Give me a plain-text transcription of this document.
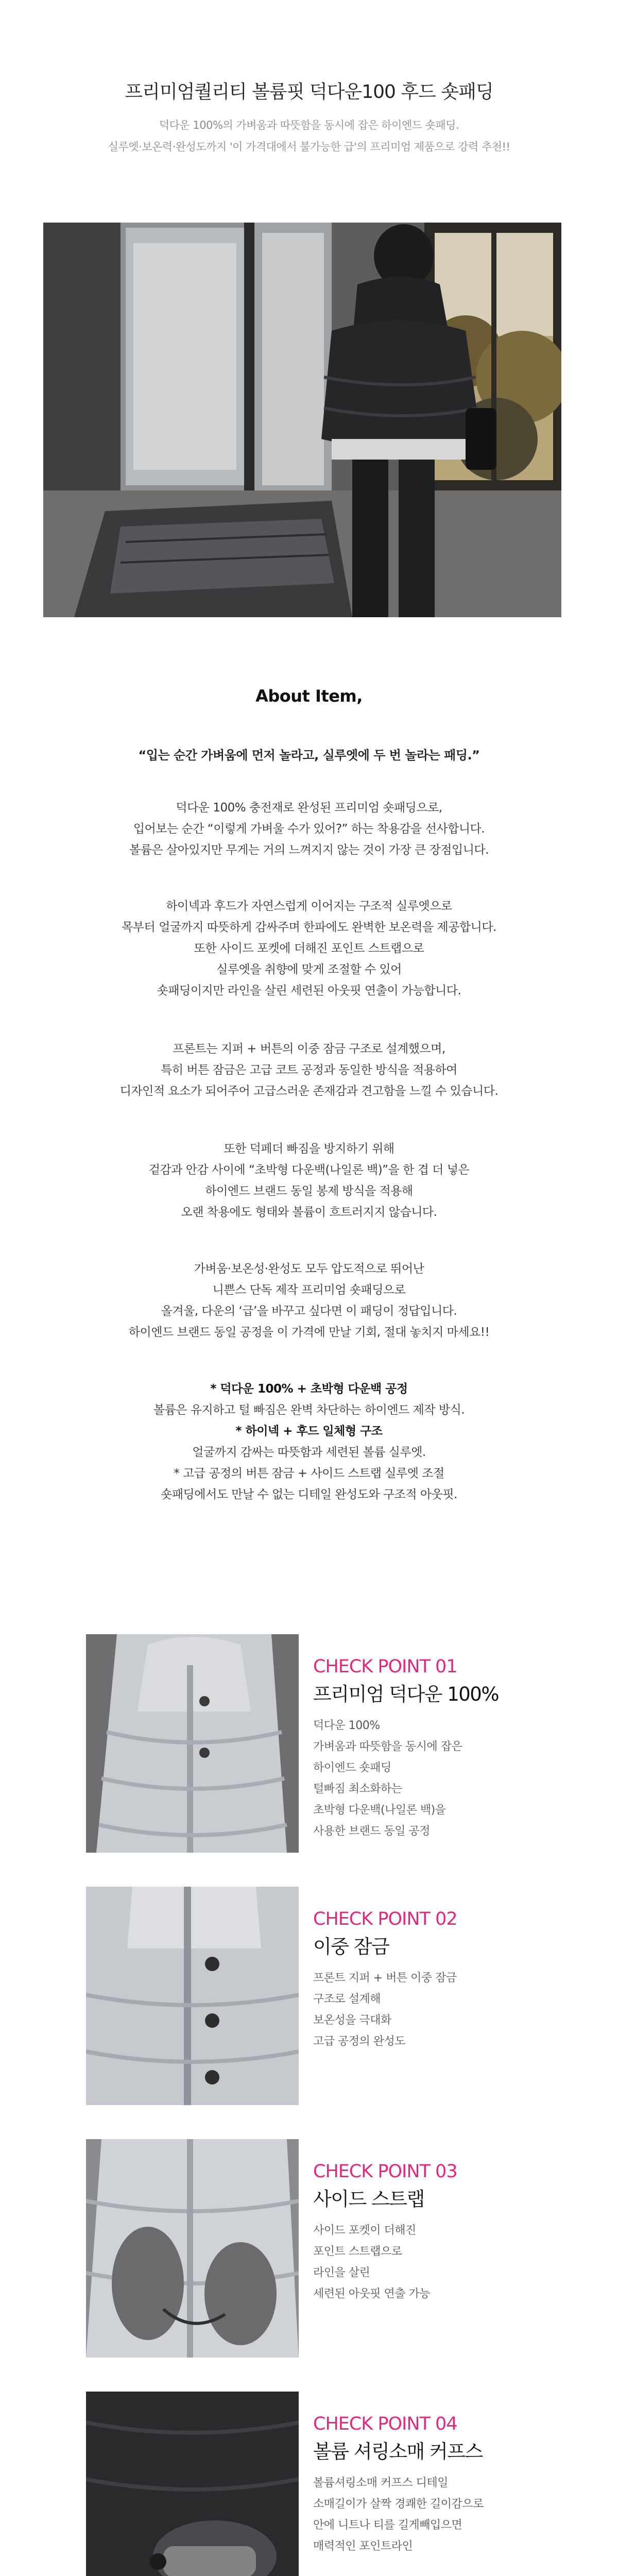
프리미엄퀄리티 볼륨핏 덕다운100 후드 숏패딩
덕다운 100%의 가벼움과 따뜻함을 동시에 잡은 하이엔드 숏패딩.
실루엣·보온력·완성도까지 '이 가격대에서 불가능한 급'의 프리미엄 제품으로 강력 추천!!
About Item,
“입는 순간 가벼움에 먼저 놀라고, 실루엣에 두 번 놀라는 패딩.”
덕다운 100% 충전재로 완성된 프리미엄 숏패딩으로,
입어보는 순간 “이렇게 가벼울 수가 있어?” 하는 착용감을 선사합니다.
볼륨은 살아있지만 무게는 거의 느껴지지 않는 것이 가장 큰 장점입니다.
하이넥과 후드가 자연스럽게 이어지는 구조적 실루엣으로
목부터 얼굴까지 따뜻하게 감싸주며 한파에도 완벽한 보온력을 제공합니다.
또한 사이드 포켓에 더해진 포인트 스트랩으로
실루엣을 취향에 맞게 조절할 수 있어
숏패딩이지만 라인을 살린 세련된 아웃핏 연출이 가능합니다.
프론트는 지퍼 + 버튼의 이중 잠금 구조로 설계했으며,
특히 버튼 잠금은 고급 코트 공정과 동일한 방식을 적용하여
디자인적 요소가 되어주어 고급스러운 존재감과 견고함을 느낄 수 있습니다.
또한 덕페더 빠짐을 방지하기 위해
겉감과 안감 사이에 “초박형 다운백(나일론 백)”을 한 겹 더 넣은
하이엔드 브랜드 동일 봉제 방식을 적용해
오랜 착용에도 형태와 볼륨이 흐트러지지 않습니다.
가벼움·보온성·완성도 모두 압도적으로 뛰어난
니쁜스 단독 제작 프리미엄 숏패딩으로
올겨울, 다운의 ‘급’을 바꾸고 싶다면 이 패딩이 정답입니다.
하이엔드 브랜드 동일 공정을 이 가격에 만날 기회, 절대 놓치지 마세요!!
* 덕다운 100% + 초박형 다운백 공정
볼륨은 유지하고 털 빠짐은 완벽 차단하는 하이엔드 제작 방식.
* 하이넥 + 후드 일체형 구조
얼굴까지 감싸는 따뜻함과 세련된 볼륨 실루엣.
* 고급 공정의 버튼 잠금 + 사이드 스트랩 실루엣 조절
숏패딩에서도 만날 수 없는 디테일 완성도와 구조적 아웃핏.
CHECK POINT 01
프리미엄 덕다운 100%
덕다운 100%
가벼움과 따뜻함을 동시에 잡은
하이엔드 숏패딩
털빠짐 최소화하는
초박형 다운백(나일론 백)을
사용한 브랜드 동일 공정
CHECK POINT 02
이중 잠금
프론트 지퍼 + 버튼 이중 잠금
구조로 설계해
보온성을 극대화
고급 공정의 완성도
CHECK POINT 03
사이드 스트랩
사이드 포켓이 더해진
포인트 스트랩으로
라인을 살린
세련된 아웃핏 연출 가능
CHECK POINT 04
볼륨 셔링소매 커프스
볼륨셔링소매 커프스 디테일
소매길이가 살짝 경쾌한 길이감으로
안에 니트나 티를 길게빼입으면
매력적인 포인트라인
